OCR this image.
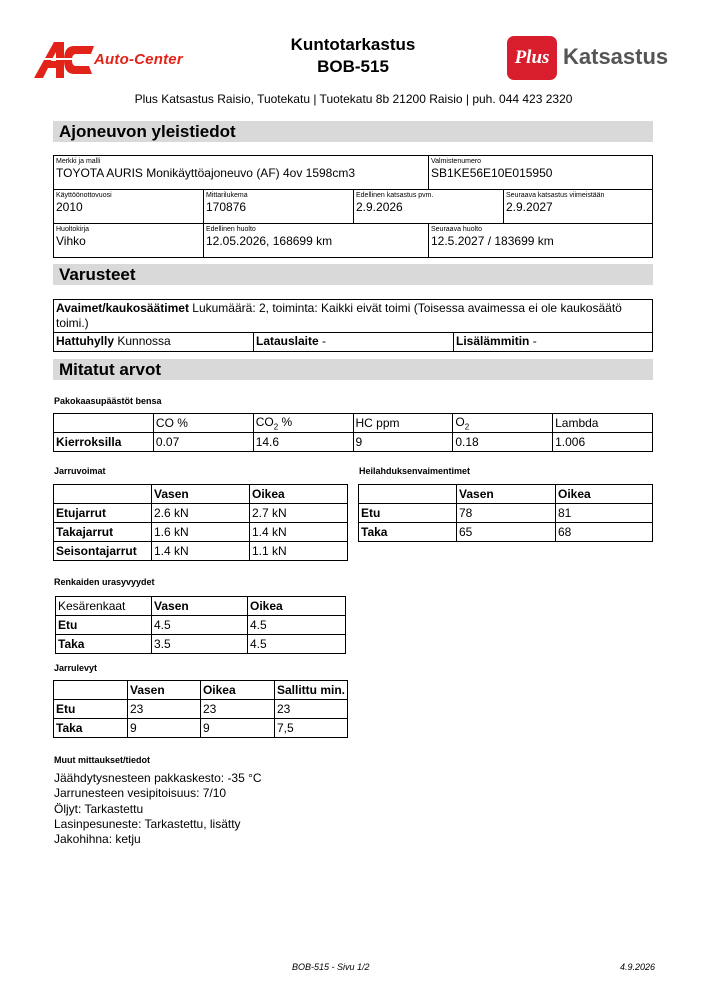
Auto-Center
Kuntotarkastus
BOB-515	Plus Katsastus
Plus Katsastus Raisio, Tuotekatu | Tuotekatu 8b 21200 Raisio | puh. 044 423 2320
Ajoneuvon yleistiedot
Merkki ja malli
TOYOTA AURIS Monikäyttöajoneuvo (AF) 4ov 1598cm3
Valmistenumero
SB1KE56E10E015950
Käyttöönottovuosi
2010
Mittarilukema
170876
Edellinen katsastus pvm.
2.9.2026
Seuraava katsastus viimeistään
2.9.2027
Huoltokirja
Vihko
Edellinen huolto
12.05.2026, 168699 km
Seuraava huolto
12.5.2027 / 183699 km
Varusteet
Avaimet/kaukosäätimet Lukumäärä: 2, toiminta: Kaikki eivät toimi (Toisessa avaimessa ei ole kaukosäätö toimi.)
Hattuhylly Kunnossa	Latauslaite -	Lisälämmitin -
Mitatut arvot
Pakokaasupäästöt bensa
	CO %	$CO_2$ %	HC ppm	$O_2$	Lambda
Kierroksilla	0.07	14.6	9	0.18	1.006
Jarruvoimat
	Vasen	Oikea
Etujarrut	2.6 kN	2.7 kN
Takajarrut	1.6 kN	1.4 kN
Seisontajarrut	1.4 kN	1.1 kN
Heilahduksenvaimentimet
	Vasen	Oikea
Etu	78	81
Taka	65	68
Renkaiden urasyvyydet
Kesärenkaat	Vasen	Oikea
Etu	4.5	4.5
Taka	3.5	4.5
Jarrulevyt
	Vasen	Oikea	Sallittu min.
Etu	23	23	23
Taka	9	9	7,5
Muut mittaukset/tiedot
Jäähdytysnesteen pakkaskesto: -35 °C
Jarrunesteen vesipitoisuus: 7/10
Öljyt: Tarkastettu
Lasinpesuneste: Tarkastettu, lisätty
Jakohihna: ketju
BOB-515 - Sivu 1/2	4.9.2026
